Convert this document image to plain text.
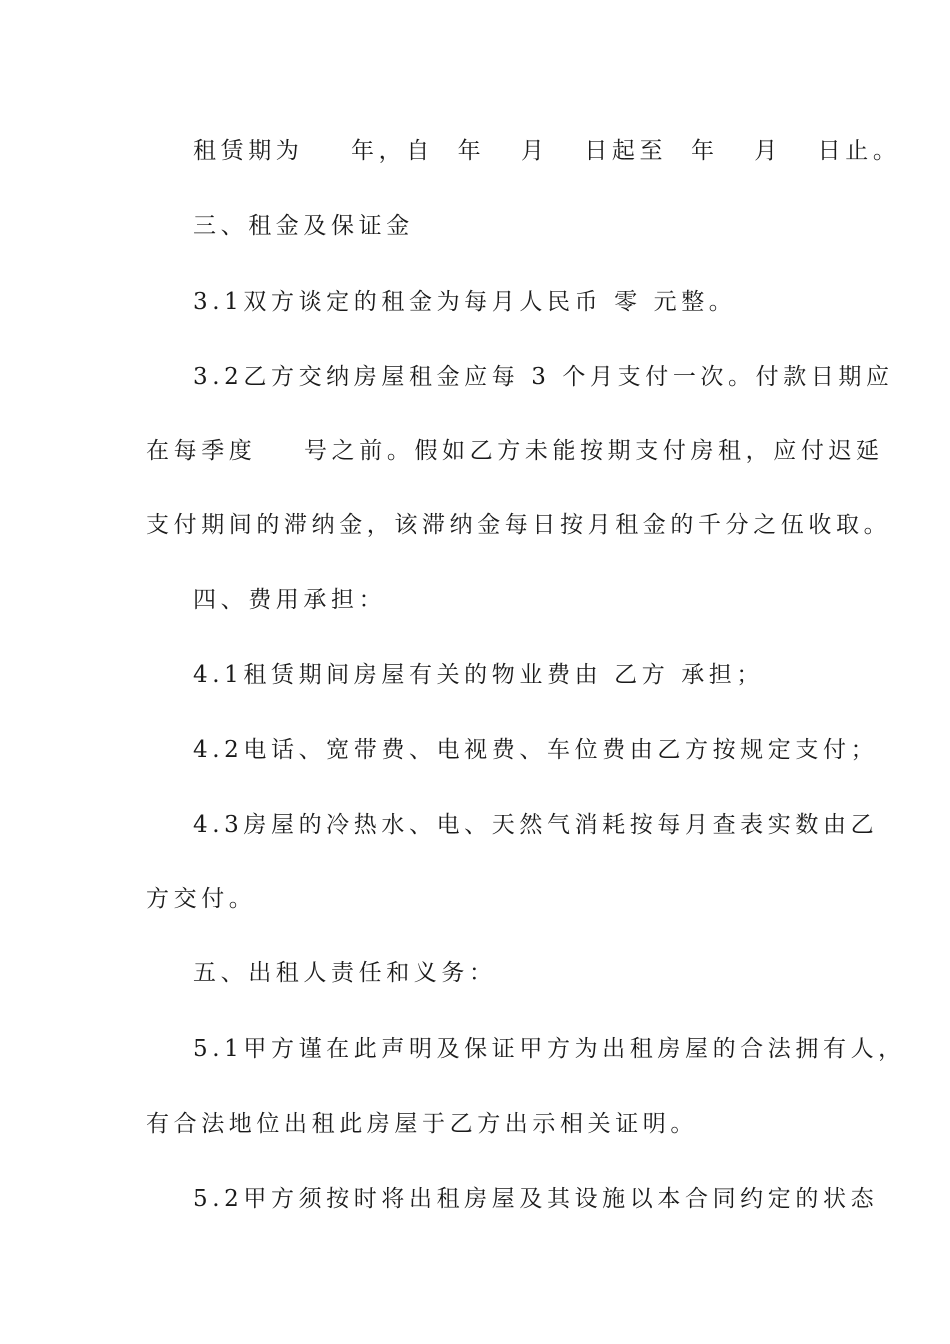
租赁期为    年，自  年   月   日起至  年   月   日止。
三、租金及保证金
3.1双方谈定的租金为每月人民币 零 元整。
3.2乙方交纳房屋租金应每 3 个月支付一次。付款日期应
在每季度    号之前。假如乙方未能按期支付房租，应付迟延
支付期间的滞纳金，该滞纳金每日按月租金的千分之伍收取。
四、费用承担：
4.1租赁期间房屋有关的物业费由 乙方 承担；
4.2电话、宽带费、电视费、车位费由乙方按规定支付；
4.3房屋的冷热水、电、天然气消耗按每月查表实数由乙
方交付。
五、出租人责任和义务：
5.1甲方谨在此声明及保证甲方为出租房屋的合法拥有人，
有合法地位出租此房屋于乙方出示相关证明。
5.2甲方须按时将出租房屋及其设施以本合同约定的状态
